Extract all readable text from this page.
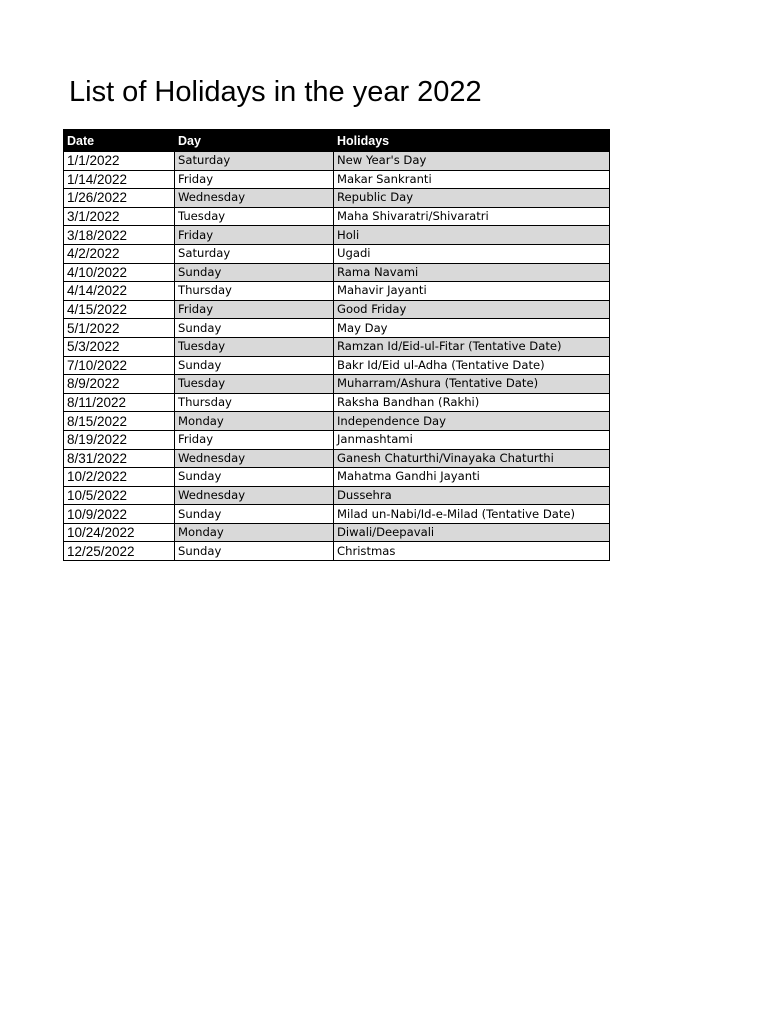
List of Holidays in the year 2022
Date	Day	Holidays
1/1/2022	Saturday	New Year's Day
1/14/2022	Friday	Makar Sankranti
1/26/2022	Wednesday	Republic Day
3/1/2022	Tuesday	Maha Shivaratri/Shivaratri
3/18/2022	Friday	Holi
4/2/2022	Saturday	Ugadi
4/10/2022	Sunday	Rama Navami
4/14/2022	Thursday	Mahavir Jayanti
4/15/2022	Friday	Good Friday
5/1/2022	Sunday	May Day
5/3/2022	Tuesday	Ramzan Id/Eid-ul-Fitar (Tentative Date)
7/10/2022	Sunday	Bakr Id/Eid ul-Adha (Tentative Date)
8/9/2022	Tuesday	Muharram/Ashura (Tentative Date)
8/11/2022	Thursday	Raksha Bandhan (Rakhi)
8/15/2022	Monday	Independence Day
8/19/2022	Friday	Janmashtami
8/31/2022	Wednesday	Ganesh Chaturthi/Vinayaka Chaturthi
10/2/2022	Sunday	Mahatma Gandhi Jayanti
10/5/2022	Wednesday	Dussehra
10/9/2022	Sunday	Milad un-Nabi/Id-e-Milad (Tentative Date)
10/24/2022	Monday	Diwali/Deepavali
12/25/2022	Sunday	Christmas
